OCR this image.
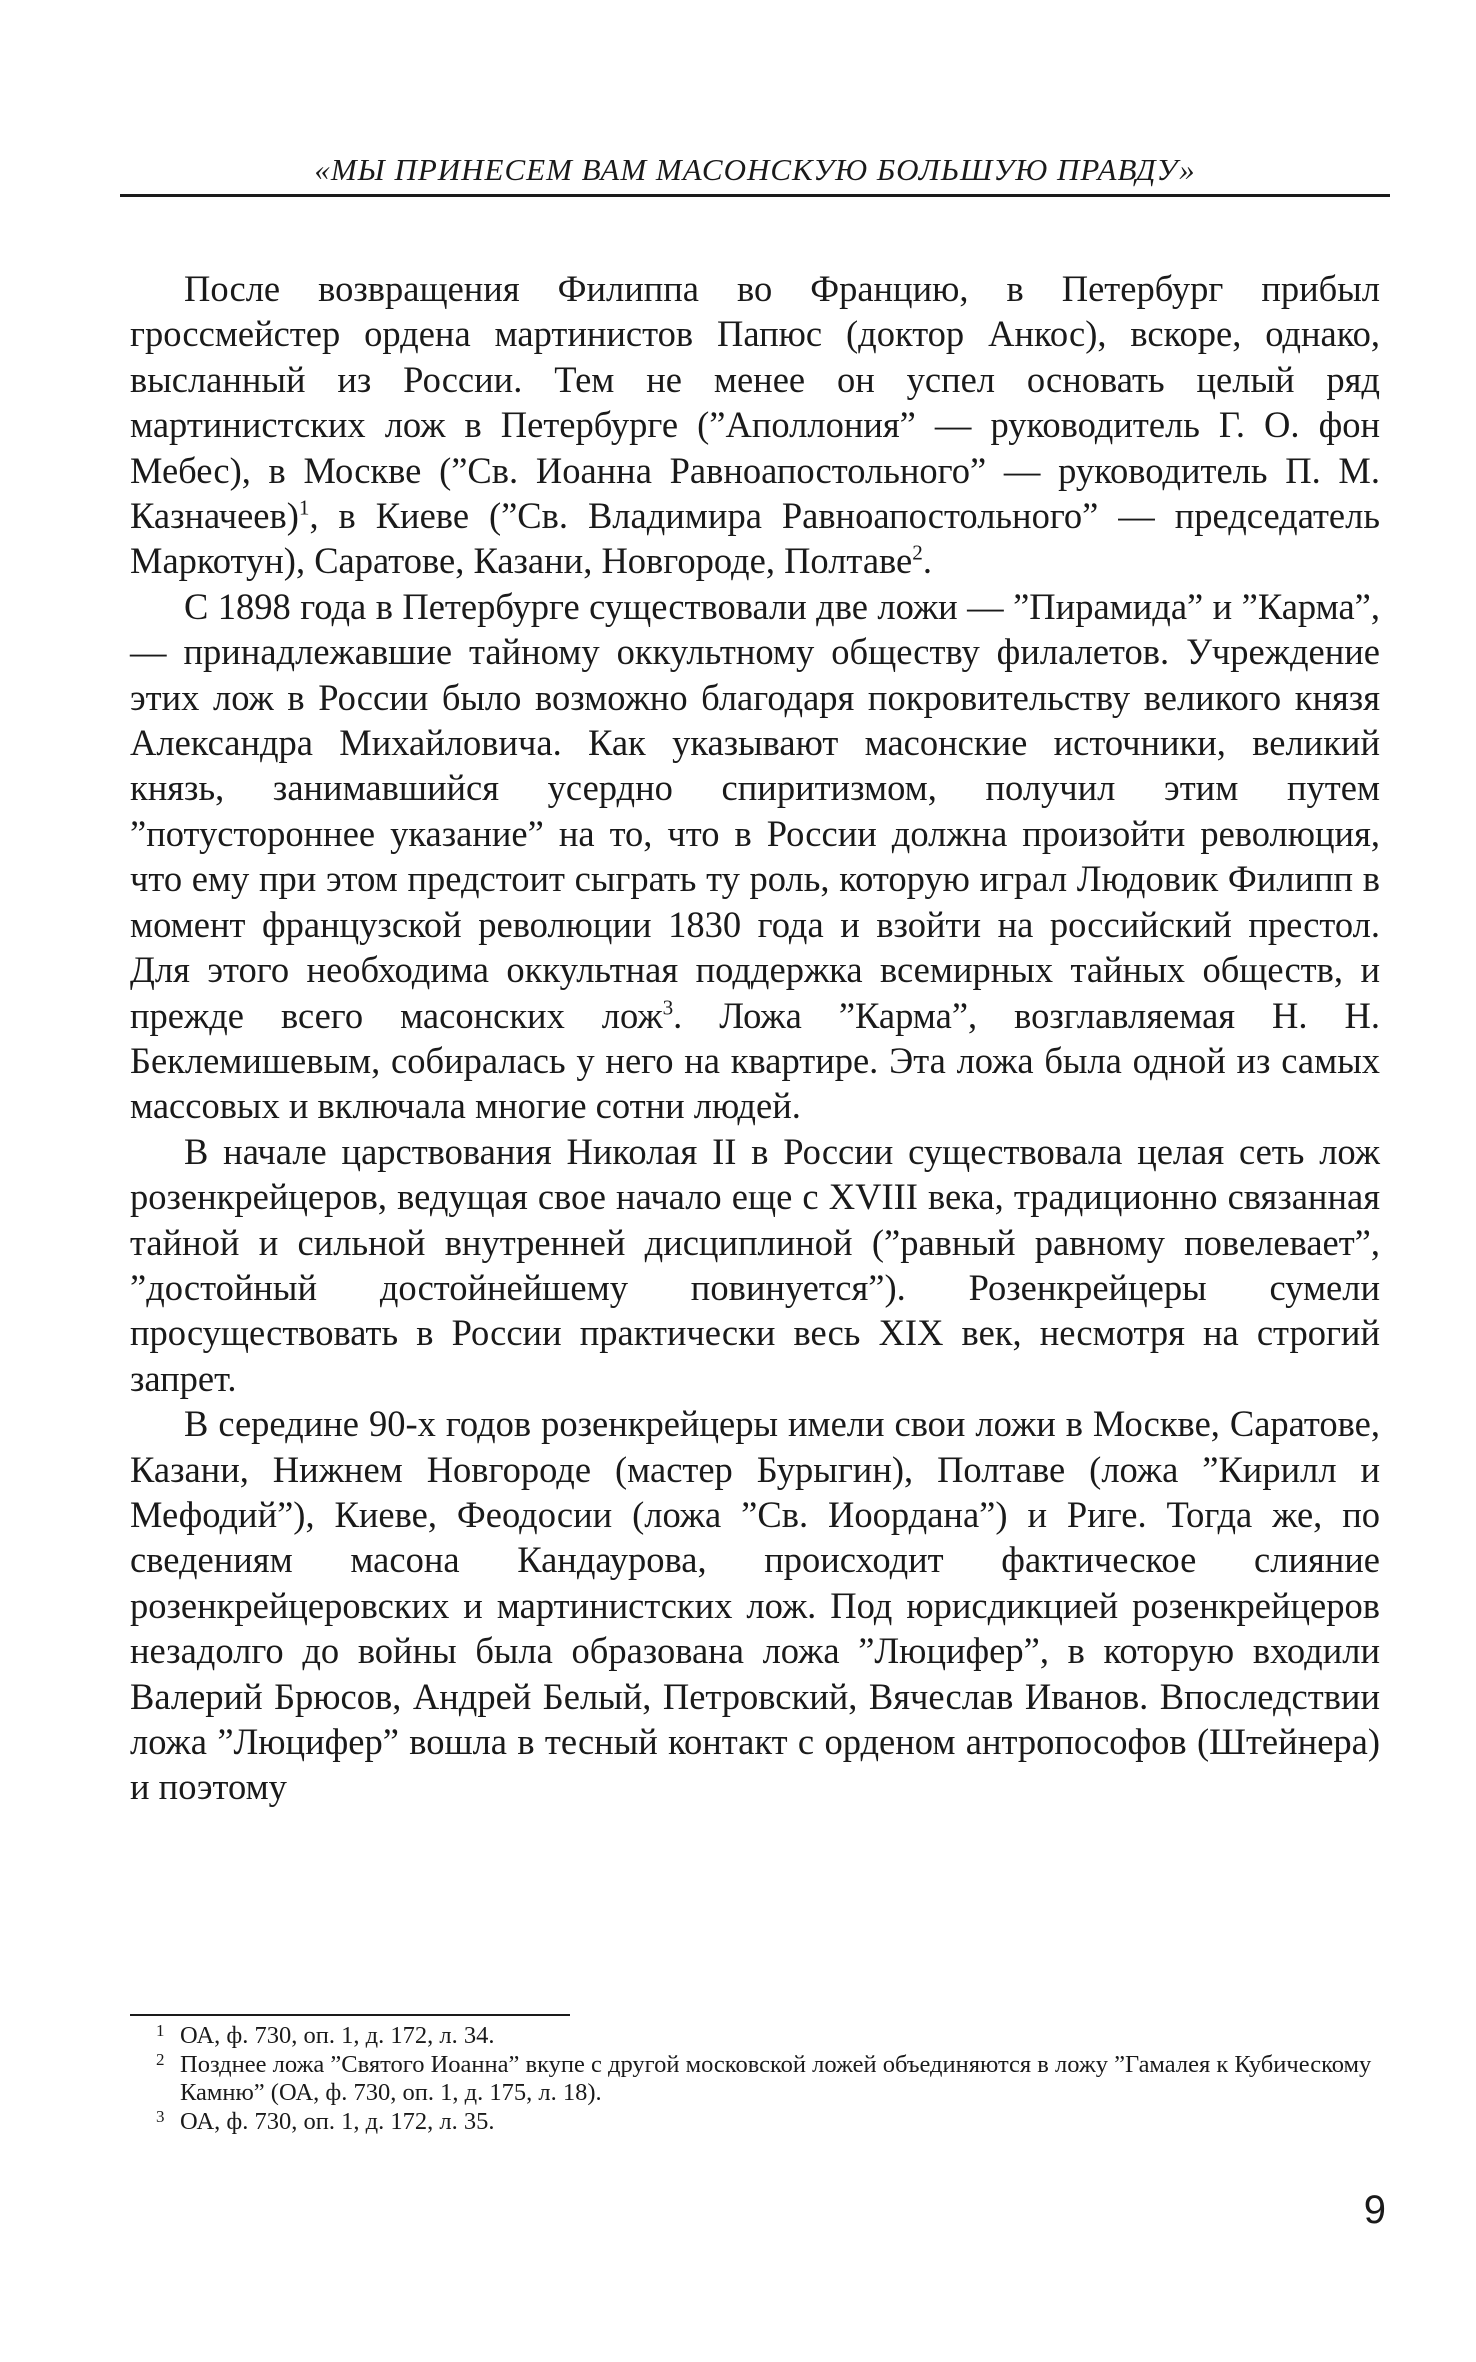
«МЫ ПРИНЕСЕМ ВАМ МАСОНСКУЮ БОЛЬШУЮ ПРАВДУ»

После возвращения Филиппа во Францию, в Петербург прибыл гроссмейстер ордена мартинистов Папюс (доктор Анкос), вскоре, однако, высланный из России. Тем не менее он успел основать целый ряд мартинистских лож в Петербурге (”Аполлония” — руководитель Г. О. фон Мебес), в Москве (”Св. Иоанна Равноапостольного” — руководитель П. М. Казначеев)$^1$, в Киеве (”Св. Владимира Равноапостольного” — председатель Маркотун), Саратове, Казани, Новгороде, Полтаве$^2$.

С 1898 года в Петербурге существовали две ложи — ”Пирамида” и ”Карма”, — принадлежавшие тайному оккультному обществу филалетов. Учреждение этих лож в России было возможно благодаря покровительству великого князя Александра Михайловича. Как указывают масонские источники, великий князь, занимавшийся усердно спиритизмом, получил этим путем ”потустороннее указание” на то, что в России должна произойти революция, что ему при этом предстоит сыграть ту роль, которую играл Людовик Филипп в момент французской революции 1830 года и взойти на российский престол. Для этого необходима оккультная поддержка всемирных тайных обществ, и прежде всего масонских лож$^3$. Ложа ”Карма”, возглавляемая Н. Н. Беклемишевым, собиралась у него на квартире. Эта ложа была одной из самых массовых и включала многие сотни людей.

В начале царствования Николая II в России существовала целая сеть лож розенкрейцеров, ведущая свое начало еще с XVIII века, традиционно связанная тайной и сильной внутренней дисциплиной (”равный равному повелевает”, ”достойный достойнейшему повинуется”). Розенкрейцеры сумели просуществовать в России практически весь XIX век, несмотря на строгий запрет.

В середине 90-х годов розенкрейцеры имели свои ложи в Москве, Саратове, Казани, Нижнем Новгороде (мастер Бурыгин), Полтаве (ложа ”Кирилл и Мефодий”), Киеве, Феодосии (ложа ”Св. Иоордана”) и Риге. Тогда же, по сведениям масона Кандаурова, происходит фактическое слияние розенкрейцеровских и мартинистских лож. Под юрисдикцией розенкрейцеров незадолго до войны была образована ложа ”Люцифер”, в которую входили Валерий Брюсов, Андрей Белый, Петровский, Вячеслав Иванов. Впоследствии ложа ”Люцифер” вошла в тесный контакт с орденом антропософов (Штейнера) и поэтому

1 ОА, ф. 730, оп. 1, д. 172, л. 34.
2 Позднее ложа ”Святого Иоанна” вкупе с другой московской ложей объединяются в ложу ”Гамалея к Кубическому Камню” (ОА, ф. 730, оп. 1, д. 175, л. 18).
3 ОА, ф. 730, оп. 1, д. 172, л. 35.
9
